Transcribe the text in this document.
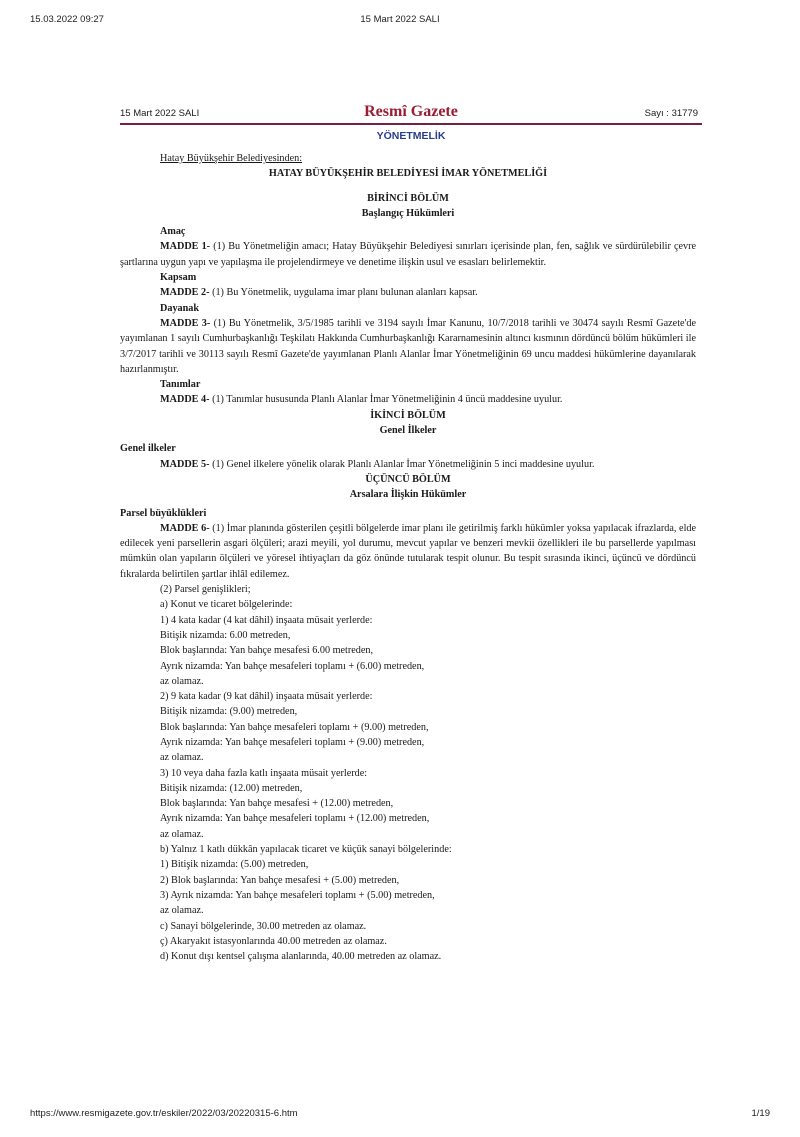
15.03.2022 09:27	15 Mart 2022 SALI
15 Mart 2022 SALI	Resmî Gazete	Sayı : 31779
YÖNETMELİK

Hatay Büyükşehir Belediyesinden:

HATAY BÜYÜKŞEHİR BELEDİYESİ İMAR YÖNETMELİĞİ

BİRİNCİ BÖLÜM

Başlangıç Hükümleri

Amaç

MADDE 1- (1) Bu Yönetmeliğin amacı; Hatay Büyükşehir Belediyesi sınırları içerisinde plan, fen, sağlık ve sürdürülebilir çevre şartlarına uygun yapı ve yapılaşma ile projelendirmeye ve denetime ilişkin usul ve esasları belirlemektir.

Kapsam

MADDE 2- (1) Bu Yönetmelik, uygulama imar planı bulunan alanları kapsar.

Dayanak

MADDE 3- (1) Bu Yönetmelik, 3/5/1985 tarihli ve 3194 sayılı İmar Kanunu, 10/7/2018 tarihli ve 30474 sayılı Resmî Gazete'de yayımlanan 1 sayılı Cumhurbaşkanlığı Teşkilatı Hakkında Cumhurbaşkanlığı Kararnamesinin altıncı kısmının dördüncü bölüm hükümleri ile 3/7/2017 tarihli ve 30113 sayılı Resmî Gazete'de yayımlanan Planlı Alanlar İmar Yönetmeliğinin 69 uncu maddesi hükümlerine dayanılarak hazırlanmıştır.

Tanımlar

MADDE 4- (1) Tanımlar hususunda Planlı Alanlar İmar Yönetmeliğinin 4 üncü maddesine uyulur.

İKİNCİ BÖLÜM

Genel İlkeler

Genel ilkeler

MADDE 5- (1) Genel ilkelere yönelik olarak Planlı Alanlar İmar Yönetmeliğinin 5 inci maddesine uyulur.

ÜÇÜNCÜ BÖLÜM

Arsalara İlişkin Hükümler

Parsel büyüklükleri

MADDE 6- (1) İmar planında gösterilen çeşitli bölgelerde imar planı ile getirilmiş farklı hükümler yoksa yapılacak ifrazlarda, elde edilecek yeni parsellerin asgari ölçüleri; arazi meyili, yol durumu, mevcut yapılar ve benzeri mevkii özellikleri ile bu parsellerde yapılması mümkün olan yapıların ölçüleri ve yöresel ihtiyaçları da göz önünde tutularak tespit olunur. Bu tespit sırasında ikinci, üçüncü ve dördüncü fıkralarda belirtilen şartlar ihlâl edilemez.

(2) Parsel genişlikleri;

a) Konut ve ticaret bölgelerinde:

1) 4 kata kadar (4 kat dâhil) inşaata müsait yerlerde:

Bitişik nizamda: 6.00 metreden,

Blok başlarında: Yan bahçe mesafesi 6.00 metreden,

Ayrık nizamda: Yan bahçe mesafeleri toplamı + (6.00) metreden,

az olamaz.

2) 9 kata kadar (9 kat dâhil) inşaata müsait yerlerde:

Bitişik nizamda: (9.00) metreden,

Blok başlarında: Yan bahçe mesafeleri toplamı + (9.00) metreden,

Ayrık nizamda: Yan bahçe mesafeleri toplamı + (9.00) metreden,

az olamaz.

3) 10 veya daha fazla katlı inşaata müsait yerlerde:

Bitişik nizamda: (12.00) metreden,

Blok başlarında: Yan bahçe mesafesi + (12.00) metreden,

Ayrık nizamda: Yan bahçe mesafeleri toplamı + (12.00) metreden,

az olamaz.

b) Yalnız 1 katlı dükkân yapılacak ticaret ve küçük sanayi bölgelerinde:

1) Bitişik nizamda: (5.00) metreden,

2) Blok başlarında: Yan bahçe mesafesi + (5.00) metreden,

3) Ayrık nizamda: Yan bahçe mesafeleri toplamı + (5.00) metreden,

az olamaz.

c) Sanayi bölgelerinde, 30.00 metreden az olamaz.

ç) Akaryakıt istasyonlarında 40.00 metreden az olamaz.

d) Konut dışı kentsel çalışma alanlarında, 40.00 metreden az olamaz.

https://www.resmigazete.gov.tr/eskiler/2022/03/20220315-6.htm	1/19
